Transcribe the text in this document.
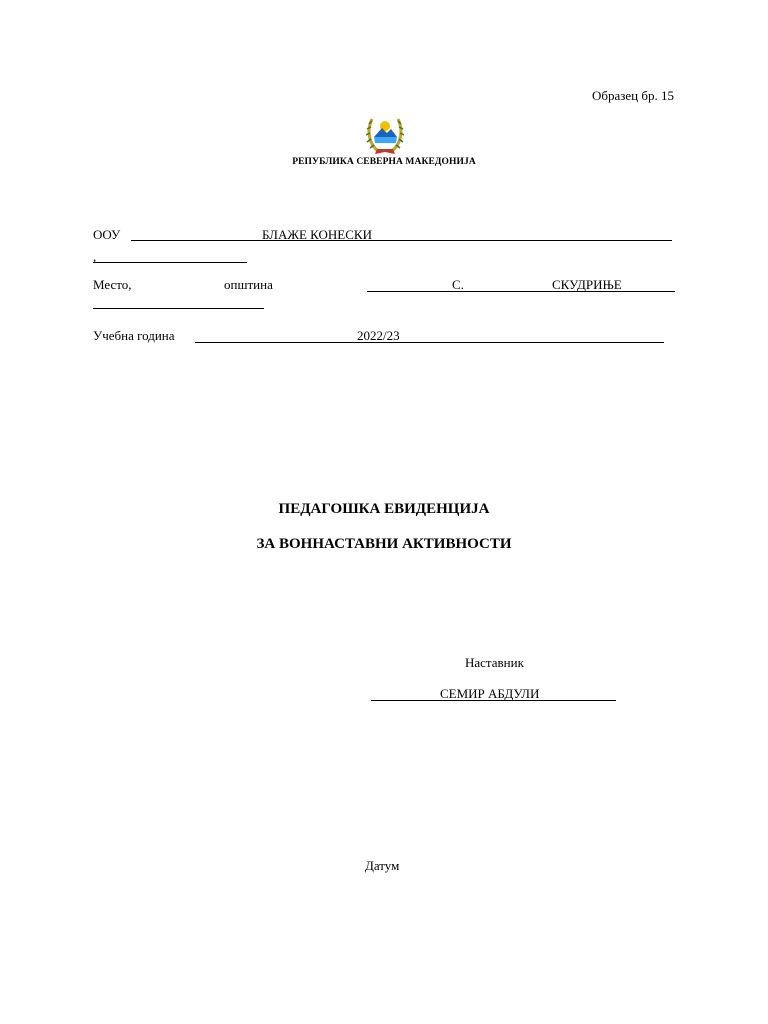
Образец бр. 15
РЕПУБЛИКА СЕВЕРНА МАКЕДОНИЈА
ООУ	БЛАЖЕ КОНЕСКИ
,
Место,	општина	С.	СКУДРИЊЕ
Учебна година	2022/23
ПЕДАГОШКА ЕВИДЕНЦИЈА
ЗА ВОННАСТАВНИ АКТИВНОСТИ
Наставник
СЕМИР АБДУЛИ
Датум
